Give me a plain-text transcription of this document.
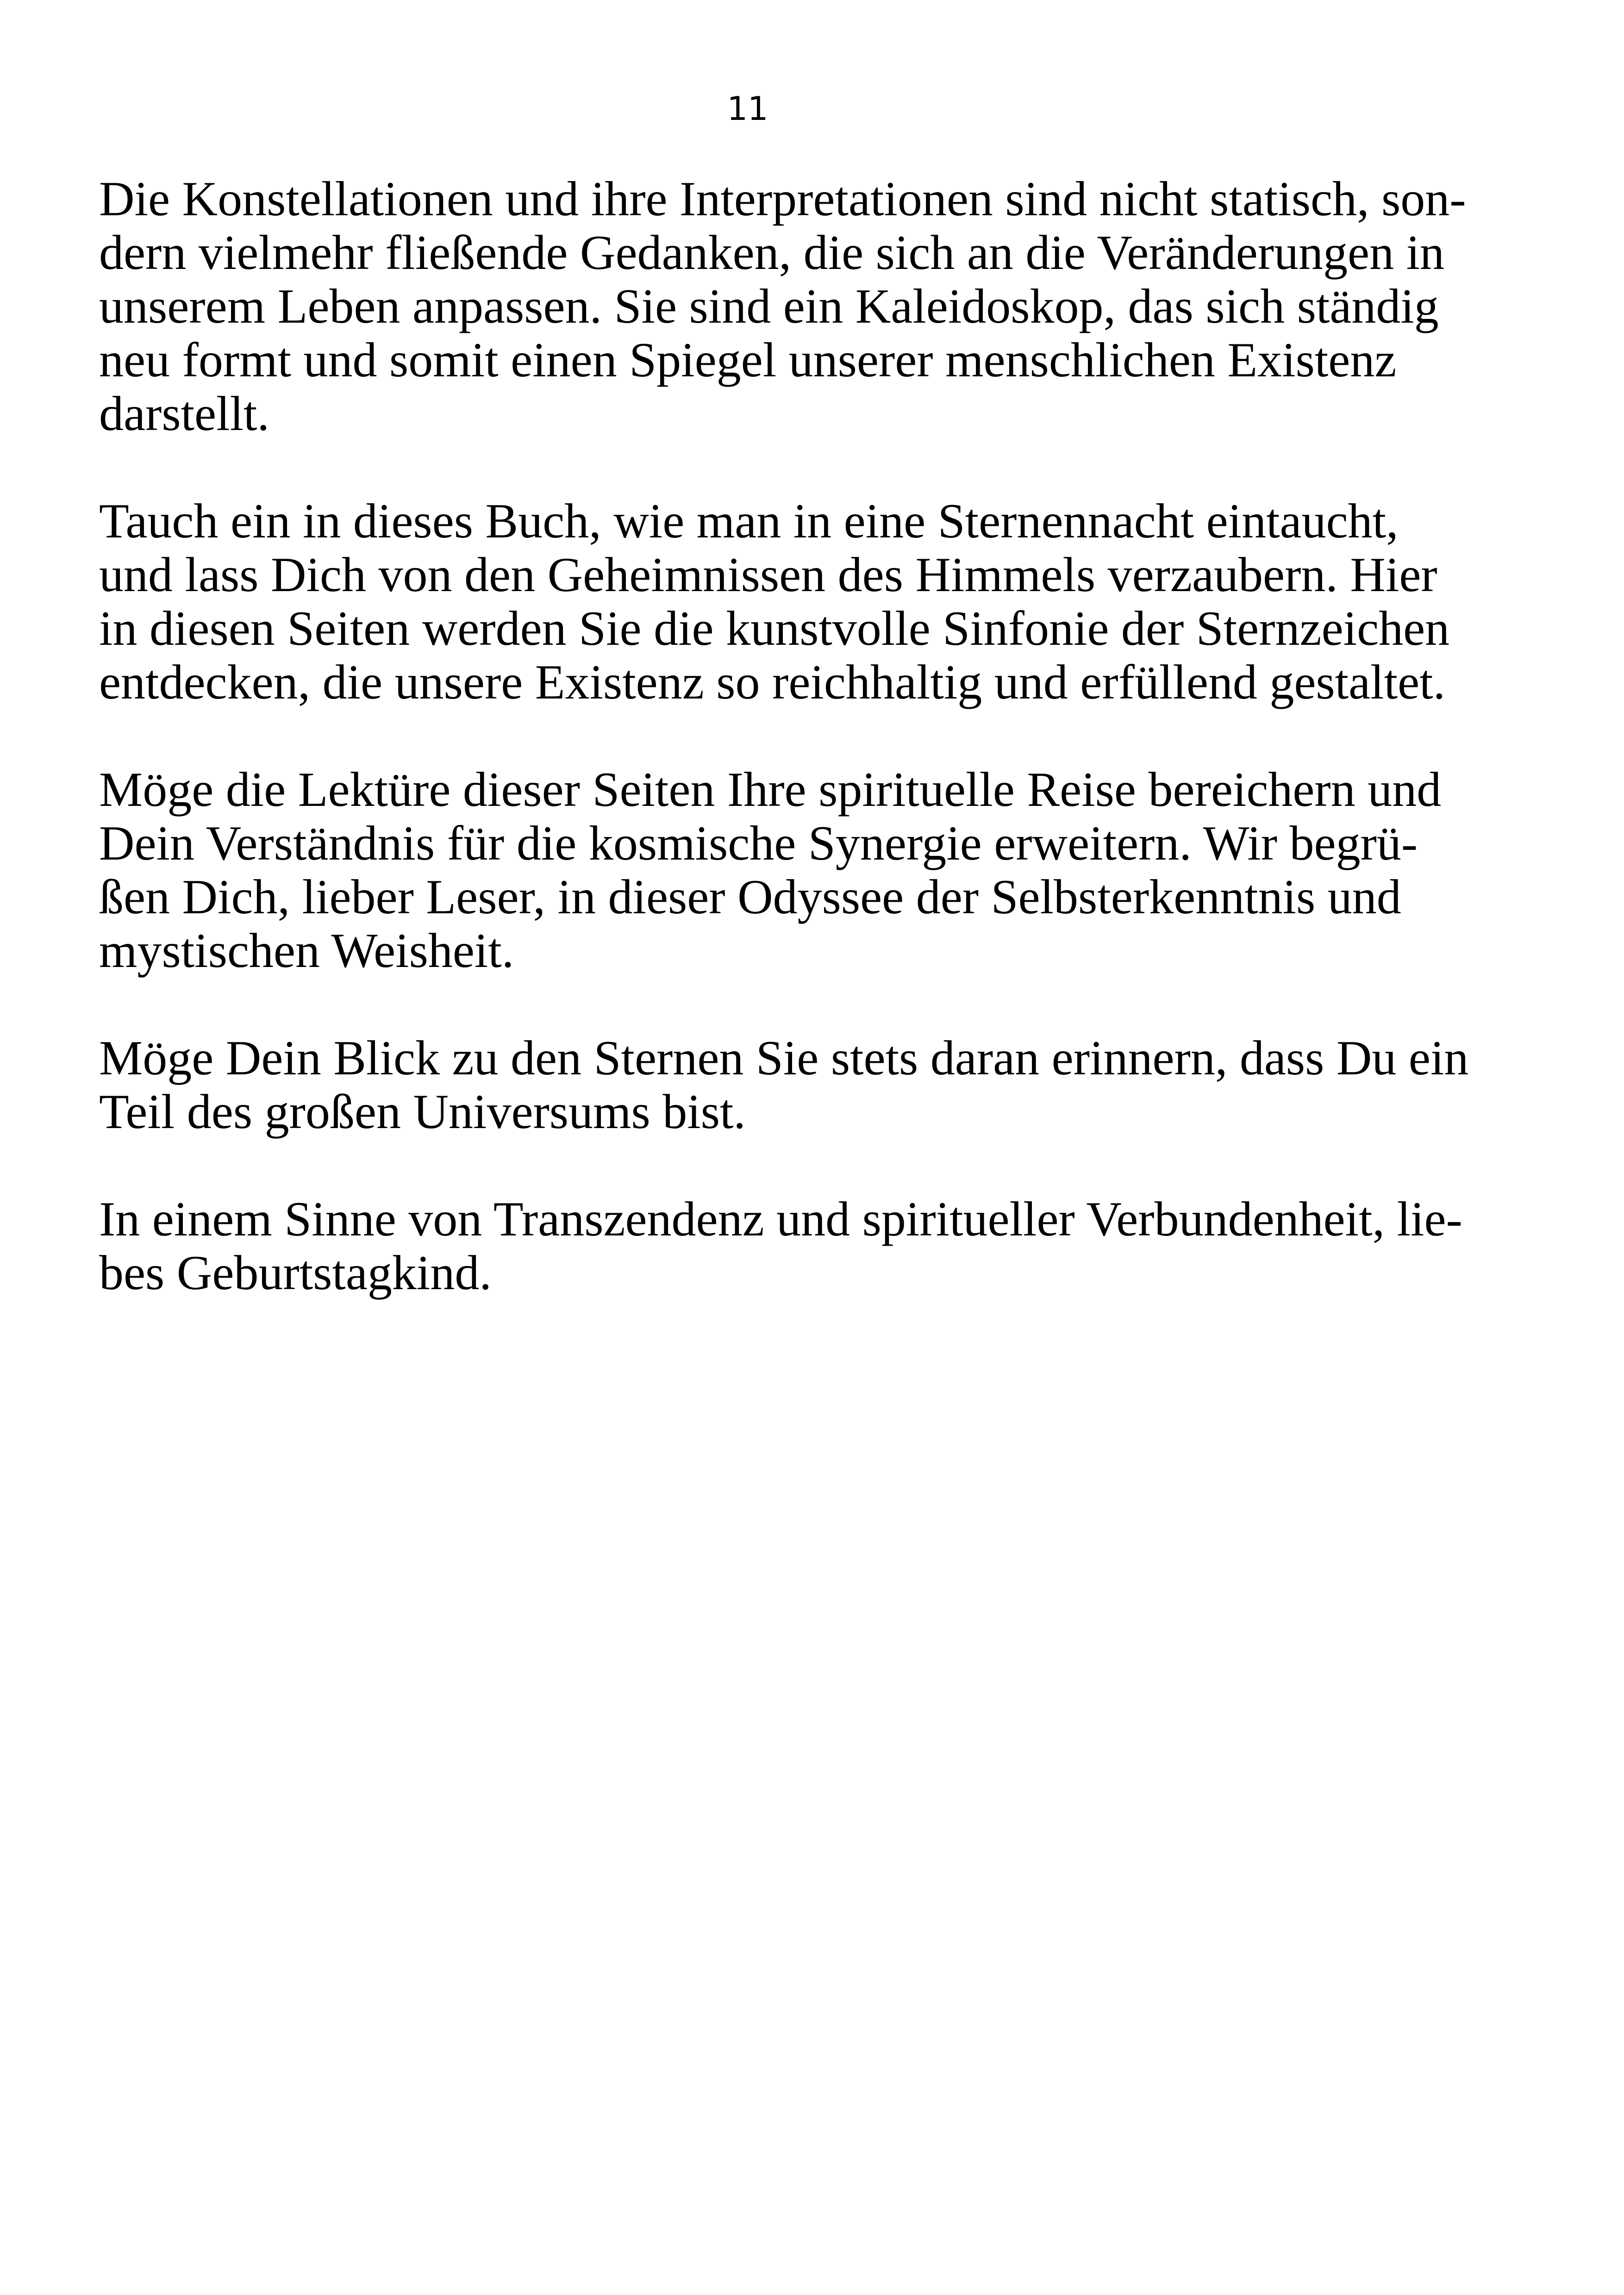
11

Die Konstellationen und ihre Interpretationen sind nicht statisch, son-
dern vielmehr fließende Gedanken, die sich an die Veränderungen in
unserem Leben anpassen. Sie sind ein Kaleidoskop, das sich ständig
neu formt und somit einen Spiegel unserer menschlichen Existenz
darstellt.

Tauch ein in dieses Buch, wie man in eine Sternennacht eintaucht,
und lass Dich von den Geheimnissen des Himmels verzaubern. Hier
in diesen Seiten werden Sie die kunstvolle Sinfonie der Sternzeichen
entdecken, die unsere Existenz so reichhaltig und erfüllend gestaltet.

Möge die Lektüre dieser Seiten Ihre spirituelle Reise bereichern und
Dein Verständnis für die kosmische Synergie erweitern. Wir begrü-
ßen Dich, lieber Leser, in dieser Odyssee der Selbsterkenntnis und
mystischen Weisheit.

Möge Dein Blick zu den Sternen Sie stets daran erinnern, dass Du ein
Teil des großen Universums bist.

In einem Sinne von Transzendenz und spiritueller Verbundenheit, lie-
bes Geburtstagkind.
